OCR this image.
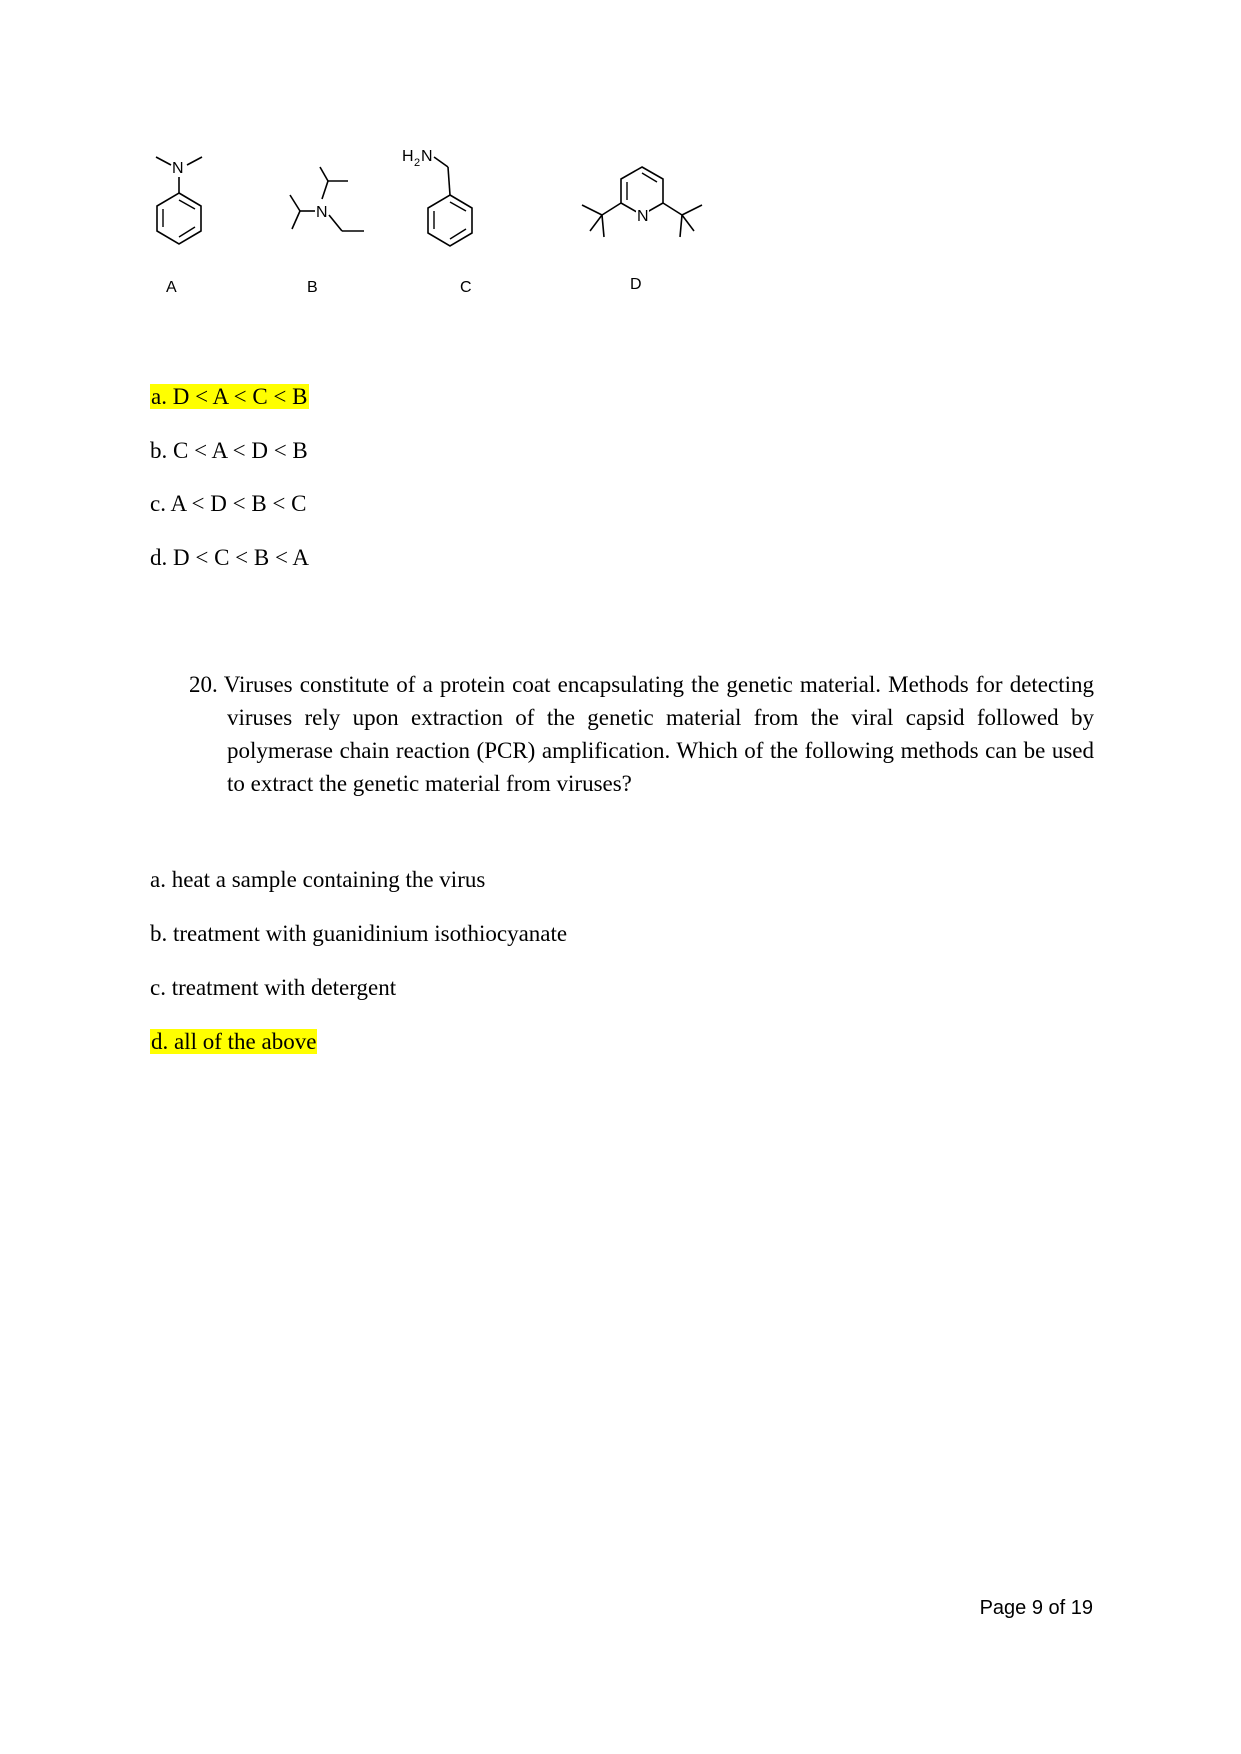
N
N
H 2 N
N
A	B	C	D
a. D < A < C < B
b. C < A < D < B
c. A < D < B < C
d. D < C < B < A
20. Viruses constitute of a protein coat encapsulating the genetic material. Methods for detecting viruses rely upon extraction of the genetic material from the viral capsid followed by polymerase chain reaction (PCR) amplification. Which of the following methods can be used to extract the genetic material from viruses?
a. heat a sample containing the virus
b. treatment with guanidinium isothiocyanate
c. treatment with detergent
d. all of the above
Page 9 of 19
